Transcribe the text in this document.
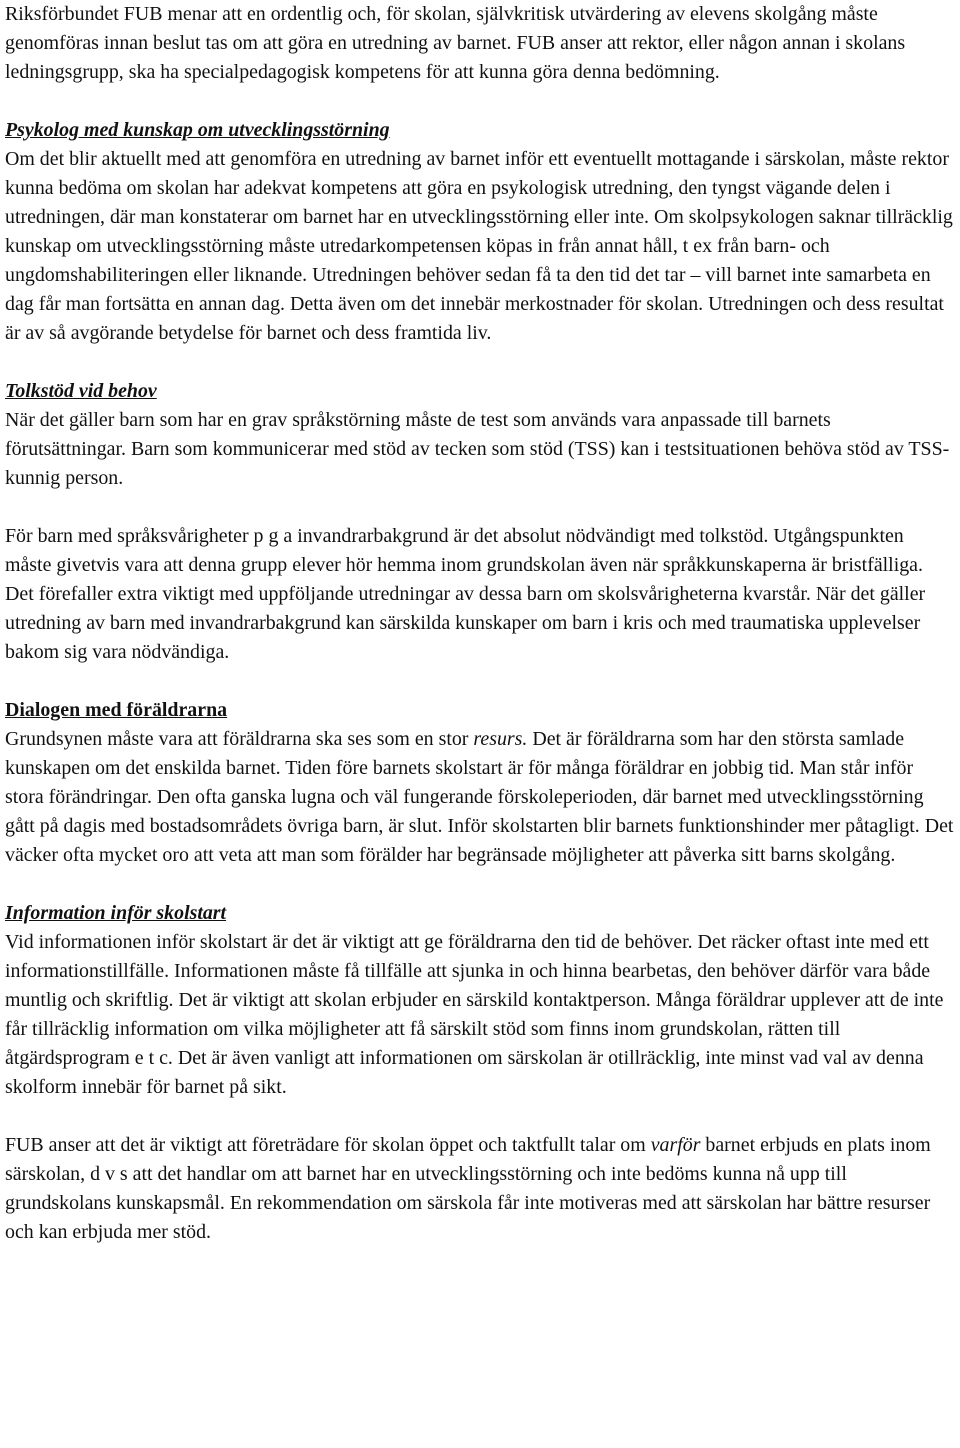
Riksförbundet FUB menar att en ordentlig och, för skolan, självkritisk utvärdering av elevens skolgång måste genomföras innan beslut tas om att göra en utredning av barnet. FUB anser att rektor, eller någon annan i skolans ledningsgrupp, ska ha specialpedagogisk kompetens för att kunna göra denna bedömning.

Psykolog med kunskap om utvecklingsstörning

Om det blir aktuellt med att genomföra en utredning av barnet inför ett eventuellt mottagande i särskolan, måste rektor kunna bedöma om skolan har adekvat kompetens att göra en psykologisk utredning, den tyngst vägande delen i utredningen, där man konstaterar om barnet har en utvecklingsstörning eller inte. Om skolpsykologen saknar tillräcklig kunskap om utvecklingsstörning måste utredarkompetensen köpas in från annat håll, t ex från barn- och ungdomshabiliteringen eller liknande. Utredningen behöver sedan få ta den tid det tar – vill barnet inte samarbeta en dag får man fortsätta en annan dag. Detta även om det innebär merkostnader för skolan. Utredningen och dess resultat är av så avgörande betydelse för barnet och dess framtida liv.

Tolkstöd vid behov

När det gäller barn som har en grav språkstörning måste de test som används vara anpassade till barnets förutsättningar. Barn som kommunicerar med stöd av tecken som stöd (TSS) kan i testsituationen behöva stöd av TSS-kunnig person.

För barn med språksvårigheter p g a invandrarbakgrund är det absolut nödvändigt med tolkstöd. Utgångspunkten måste givetvis vara att denna grupp elever hör hemma inom grundskolan även när språkkunskaperna är bristfälliga. Det förefaller extra viktigt med uppföljande utredningar av dessa barn om skolsvårigheterna kvarstår. När det gäller utredning av barn med invandrarbakgrund kan särskilda kunskaper om barn i kris och med traumatiska upplevelser bakom sig vara nödvändiga.

Dialogen med föräldrarna

Grundsynen måste vara att föräldrarna ska ses som en stor resurs. Det är föräldrarna som har den största samlade kunskapen om det enskilda barnet. Tiden före barnets skolstart är för många föräldrar en jobbig tid. Man står inför stora förändringar. Den ofta ganska lugna och väl fungerande förskoleperioden, där barnet med utvecklingsstörning gått på dagis med bostadsområdets övriga barn, är slut. Inför skolstarten blir barnets funktionshinder mer påtagligt. Det väcker ofta mycket oro att veta att man som förälder har begränsade möjligheter att påverka sitt barns skolgång.

Information inför skolstart

Vid informationen inför skolstart är det är viktigt att ge föräldrarna den tid de behöver. Det räcker oftast inte med ett informationstillfälle. Informationen måste få tillfälle att sjunka in och hinna bearbetas, den behöver därför vara både muntlig och skriftlig. Det är viktigt att skolan erbjuder en särskild kontaktperson. Många föräldrar upplever att de inte får tillräcklig information om vilka möjligheter att få särskilt stöd som finns inom grundskolan, rätten till åtgärdsprogram e t c. Det är även vanligt att informationen om särskolan är otillräcklig, inte minst vad val av denna skolform innebär för barnet på sikt.

FUB anser att det är viktigt att företrädare för skolan öppet och taktfullt talar om varför barnet erbjuds en plats inom särskolan, d v s att det handlar om att barnet har en utvecklingsstörning och inte bedöms kunna nå upp till grundskolans kunskapsmål. En rekommendation om särskola får inte motiveras med att särskolan har bättre resurser och kan erbjuda mer stöd.
